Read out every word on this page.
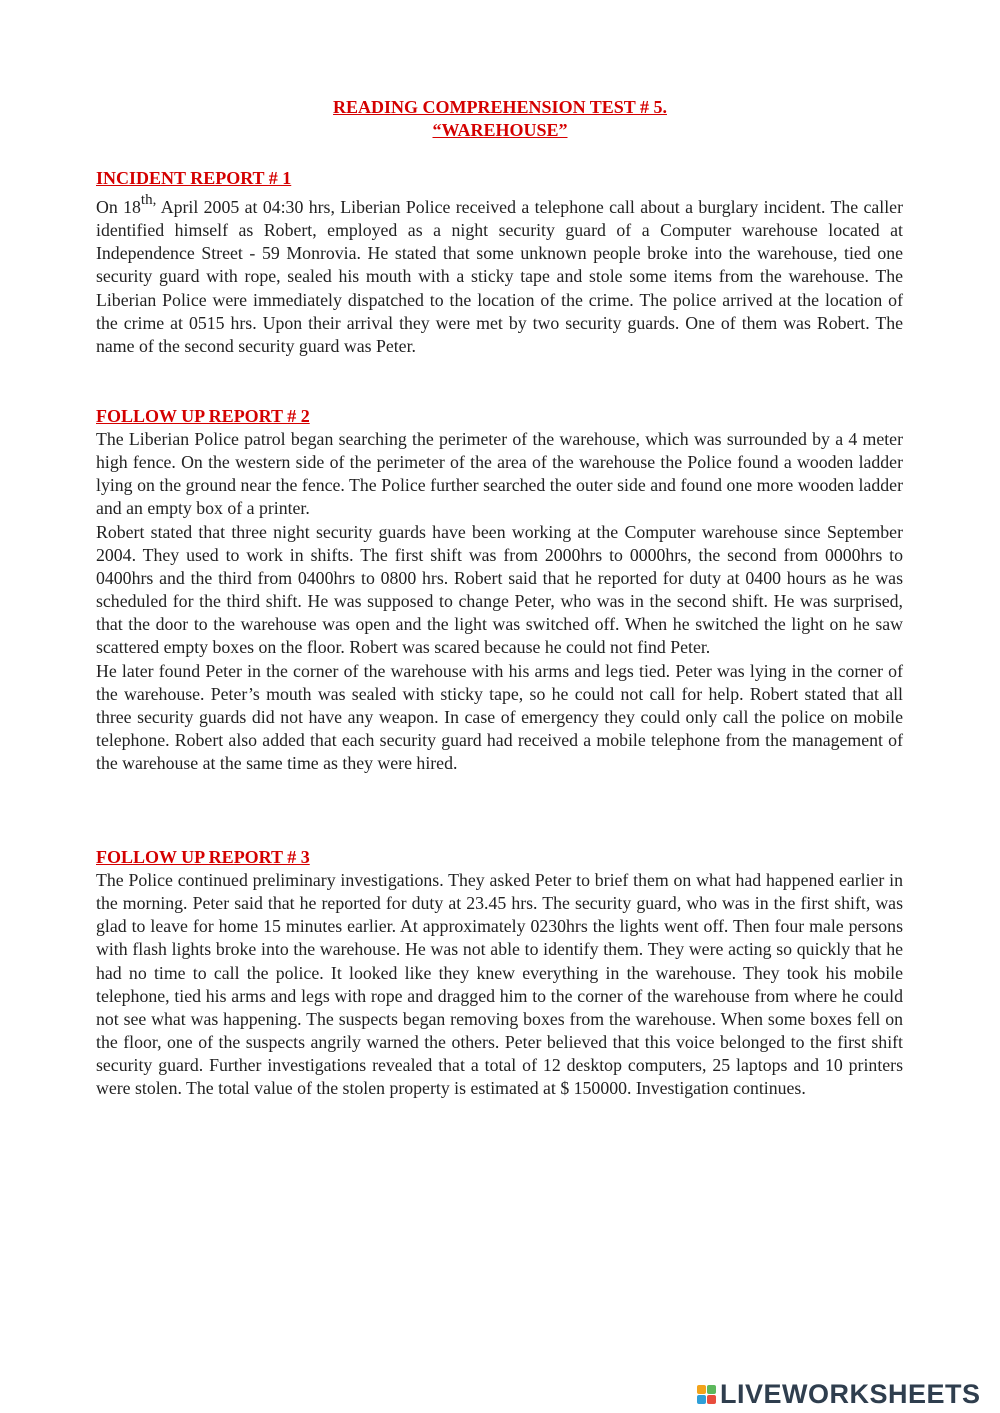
READING COMPREHENSION TEST # 5.
“WAREHOUSE”
INCIDENT REPORT # 1

On $18^{th,}$ April 2005 at 04:30 hrs, Liberian Police received a telephone call about a burglary incident. The caller identified himself as Robert, employed as a night security guard of a Computer warehouse located at Independence Street - 59 Monrovia. He stated that some unknown people broke into the warehouse, tied one security guard with rope, sealed his mouth with a sticky tape and stole some items from the warehouse. The Liberian Police were immediately dispatched to the location of the crime. The police arrived at the location of the crime at 0515 hrs. Upon their arrival they were met by two security guards. One of them was Robert. The name of the second security guard was Peter.

FOLLOW UP REPORT # 2

The Liberian Police patrol began searching the perimeter of the warehouse, which was surrounded by a 4 meter high fence. On the western side of the perimeter of the area of the warehouse the Police found a wooden ladder lying on the ground near the fence. The Police further searched the outer side and found one more wooden ladder and an empty box of a printer.

Robert stated that three night security guards have been working at the Computer warehouse since September 2004. They used to work in shifts. The first shift was from 2000hrs to 0000hrs, the second from 0000hrs to 0400hrs and the third from 0400hrs to 0800 hrs. Robert said that he reported for duty at 0400 hours as he was scheduled for the third shift. He was supposed to change Peter, who was in the second shift. He was surprised, that the door to the warehouse was open and the light was switched off. When he switched the light on he saw scattered empty boxes on the floor. Robert was scared because he could not find Peter.

He later found Peter in the corner of the warehouse with his arms and legs tied. Peter was lying in the corner of the warehouse. Peter’s mouth was sealed with sticky tape, so he could not call for help. Robert stated that all three security guards did not have any weapon. In case of emergency they could only call the police on mobile telephone. Robert also added that each security guard had received a mobile telephone from the management of the warehouse at the same time as they were hired.

FOLLOW UP REPORT # 3

The Police continued preliminary investigations. They asked Peter to brief them on what had happened earlier in the morning. Peter said that he reported for duty at 23.45 hrs. The security guard, who was in the first shift, was glad to leave for home 15 minutes earlier. At approximately 0230hrs the lights went off. Then four male persons with flash lights broke into the warehouse. He was not able to identify them. They were acting so quickly that he had no time to call the police. It looked like they knew everything in the warehouse. They took his mobile telephone, tied his arms and legs with rope and dragged him to the corner of the warehouse from where he could not see what was happening. The suspects began removing boxes from the warehouse. When some boxes fell on the floor, one of the suspects angrily warned the others. Peter believed that this voice belonged to the first shift security guard. Further investigations revealed that a total of 12 desktop computers, 25 laptops and 10 printers were stolen. The total value of the stolen property is estimated at $ 150000. Investigation continues.

LIVEWORKSHEETS
